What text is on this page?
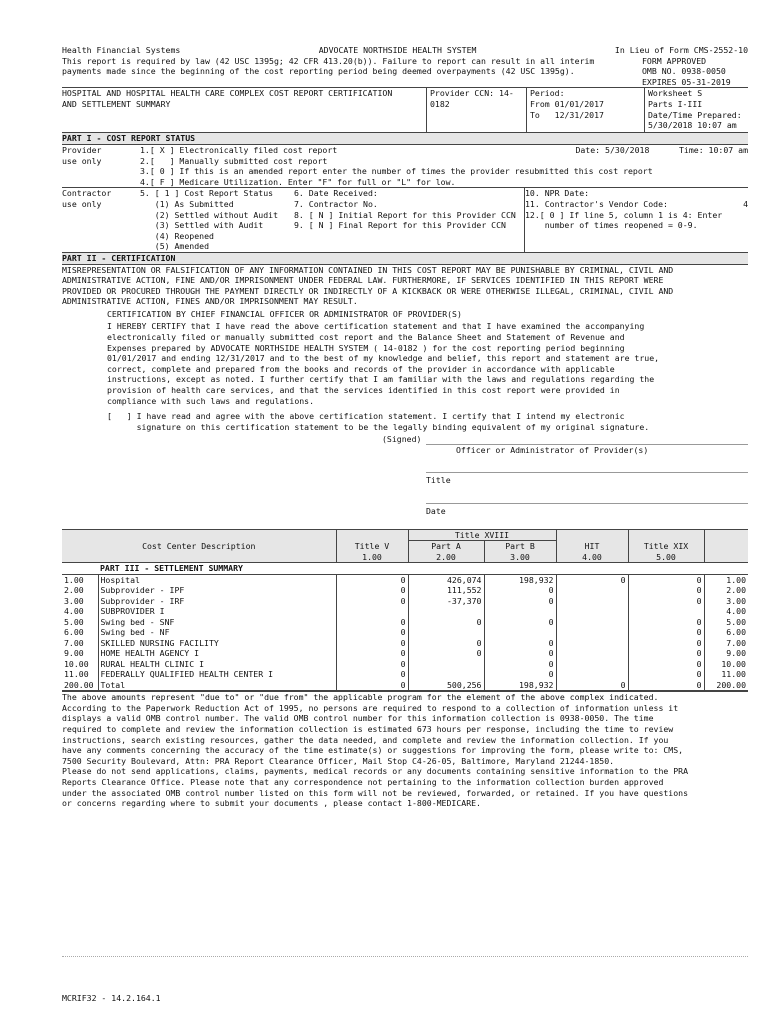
Health Financial Systems	ADVOCATE NORTHSIDE HEALTH SYSTEM	In Lieu of Form CMS-2552-10
This report is required by law (42 USC 1395g; 42 CFR 413.20(b)). Failure to report can result in all interim	FORM APPROVED
payments made since the beginning of the cost reporting period being deemed overpayments (42 USC 1395g).	OMB NO. 0938-0050
EXPIRES 05-31-2019
HOSPITAL AND HOSPITAL HEALTH CARE COMPLEX COST REPORT CERTIFICATION
AND SETTLEMENT SUMMARY
Provider CCN: 14-0182
Period:
From 01/01/2017
To   12/31/2017
Worksheet S
Parts I-III
Date/Time Prepared:
5/30/2018 10:07 am
PART I - COST REPORT STATUS
Provider
use only
1.[ X ] Electronically filed cost report	Date: 5/30/2018	Time: 10:07 am
2.[   ] Manually submitted cost report
3.[ 0 ] If this is an amended report enter the number of times the provider resubmitted this cost report
4.[ F ] Medicare Utilization. Enter "F" for full or "L" for low.
Contractor
use only
5. [ 1 ] Cost Report Status
(1) As Submitted
(2) Settled without Audit
(3) Settled with Audit
(4) Reopened
(5) Amended
6. Date Received:
7. Contractor No.
8. [ N ] Initial Report for this Provider CCN
9. [ N ] Final Report for this Provider CCN
10. NPR Date:
11. Contractor's Vendor Code:	4
12.[ 0 ] If line 5, column 1 is 4: Enter
number of times reopened = 0-9.
PART II - CERTIFICATION
MISREPRESENTATION OR FALSIFICATION OF ANY INFORMATION CONTAINED IN THIS COST REPORT MAY BE PUNISHABLE BY CRIMINAL, CIVIL AND
ADMINISTRATIVE ACTION, FINE AND/OR IMPRISONMENT UNDER FEDERAL LAW. FURTHERMORE, IF SERVICES IDENTIFIED IN THIS REPORT WERE
PROVIDED OR PROCURED THROUGH THE PAYMENT DIRECTLY OR INDIRECTLY OF A KICKBACK OR WERE OTHERWISE ILLEGAL, CRIMINAL, CIVIL AND
ADMINISTRATIVE ACTION, FINES AND/OR IMPRISONMENT MAY RESULT.
CERTIFICATION BY CHIEF FINANCIAL OFFICER OR ADMINISTRATOR OF PROVIDER(S)
I HEREBY CERTIFY that I have read the above certification statement and that I have examined the accompanying
electronically filed or manually submitted cost report and the Balance Sheet and Statement of Revenue and
Expenses prepared by ADVOCATE NORTHSIDE HEALTH SYSTEM ( 14-0182 ) for the cost reporting period beginning
01/01/2017 and ending 12/31/2017 and to the best of my knowledge and belief, this report and statement are true,
correct, complete and prepared from the books and records of the provider in accordance with applicable
instructions, except as noted. I further certify that I am familiar with the laws and regulations regarding the
provision of health care services, and that the services identified in this cost report were provided in
compliance with such laws and regulations.
[   ] I have read and agree with the above certification statement. I certify that I intend my electronic
signature on this certification statement to be the legally binding equivalent of my original signature.
(Signed)
Officer or Administrator of Provider(s)
Title
Date
			Title XVIII				
Cost Center Description		Title V	Part A	Part B	HIT	Title XIX	
		1.00	2.00	3.00	4.00	5.00	
	PART III - SETTLEMENT SUMMARY						
1.00	Hospital	0	426,074	198,932	0	0	1.00
2.00	Subprovider - IPF	0	111,552	0		0	2.00
3.00	Subprovider - IRF	0	-37,370	0		0	3.00
4.00	SUBPROVIDER I						4.00
5.00	Swing bed - SNF	0	0	0		0	5.00
6.00	Swing bed - NF	0				0	6.00
7.00	SKILLED NURSING FACILITY	0	0	0		0	7.00
9.00	HOME HEALTH AGENCY I	0	0	0		0	9.00
10.00	RURAL HEALTH CLINIC I	0		0		0	10.00
11.00	FEDERALLY QUALIFIED HEALTH CENTER I	0		0		0	11.00
200.00	Total	0	500,256	198,932	0	0	200.00
The above amounts represent "due to" or "due from" the applicable program for the element of the above complex indicated.
According to the Paperwork Reduction Act of 1995, no persons are required to respond to a collection of information unless it
displays a valid OMB control number. The valid OMB control number for this information collection is 0938-0050. The time
required to complete and review the information collection is estimated 673 hours per response, including the time to review
instructions, search existing resources, gather the data needed, and complete and review the information collection. If you
have any comments concerning the accuracy of the time estimate(s) or suggestions for improving the form, please write to: CMS,
7500 Security Boulevard, Attn: PRA Report Clearance Officer, Mail Stop C4-26-05, Baltimore, Maryland 21244-1850.
Please do not send applications, claims, payments, medical records or any documents containing sensitive information to the PRA
Reports Clearance Office. Please note that any correspondence not pertaining to the information collection burden approved
under the associated OMB control number listed on this form will not be reviewed, forwarded, or retained. If you have questions
or concerns regarding where to submit your documents , please contact 1-800-MEDICARE.
MCRIF32 - 14.2.164.1
